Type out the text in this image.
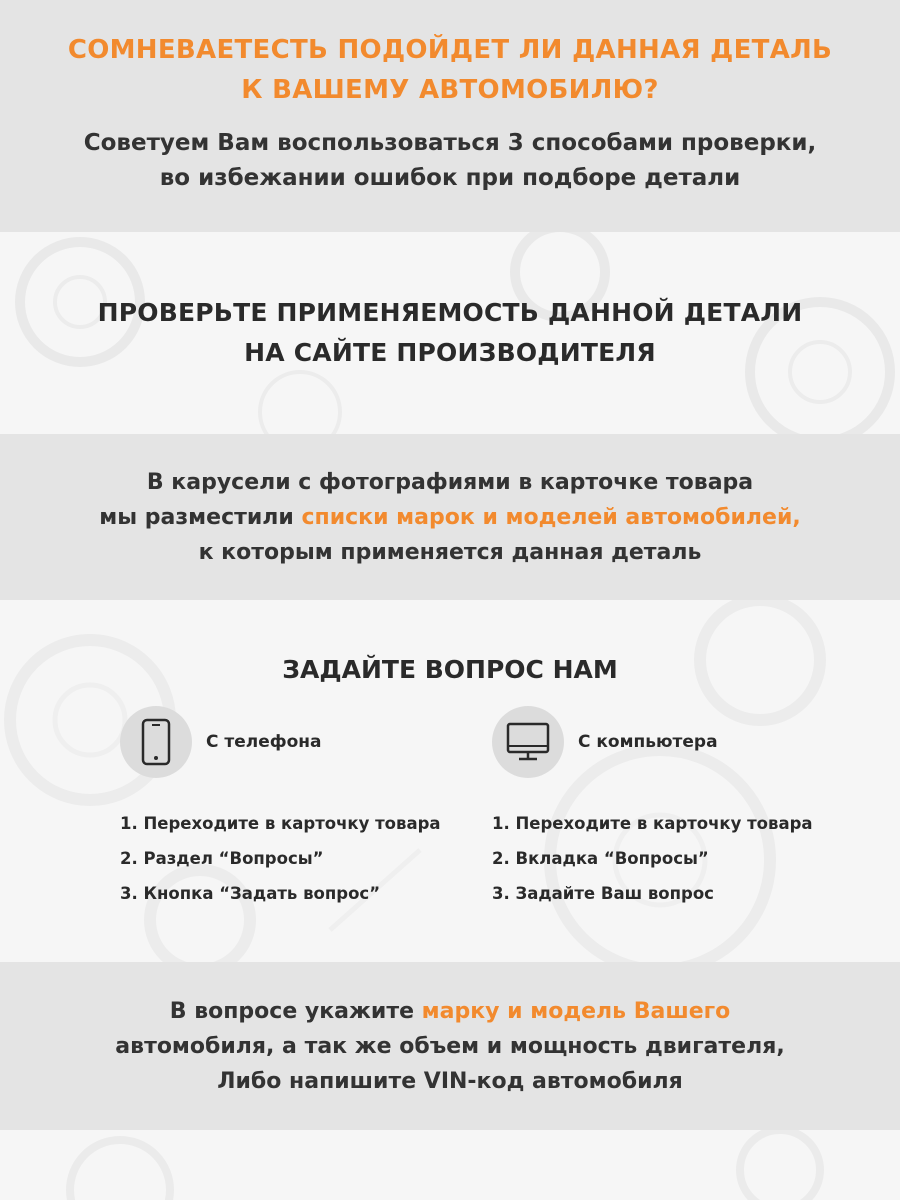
СОМНЕВАЕТЕСТЬ ПОДОЙДЕТ ЛИ ДАННАЯ ДЕТАЛЬ
К ВАШЕМУ АВТОМОБИЛЮ?
Советуем Вам воспользоваться 3 способами проверки,
во избежании ошибок при подборе детали
ПРОВЕРЬТЕ ПРИМЕНЯЕМОСТЬ ДАННОЙ ДЕТАЛИ
НА САЙТЕ ПРОИЗВОДИТЕЛЯ
В карусели с фотографиями в карточке товара
мы разместили списки марок и моделей автомобилей,
к которым применяется данная деталь
ЗАДАЙТЕ ВОПРОС НАМ
С телефона
1. Переходите в карточку товара
2. Раздел “Вопросы”
3. Кнопка “Задать вопрос”
С компьютера
1. Переходите в карточку товара
2. Вкладка “Вопросы”
3. Задайте Ваш вопрос
В вопросе укажите марку и модель Вашего
автомобиля, а так же объем и мощность двигателя,
Либо напишите VIN-код автомобиля
